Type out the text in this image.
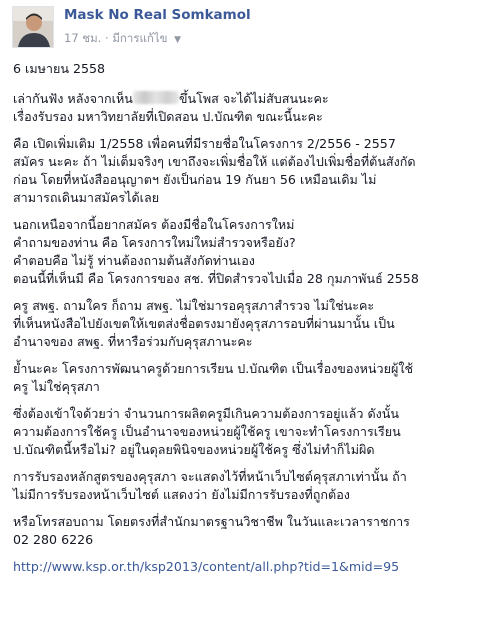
Mask No Real Somkamol
17 ชม. · มีการแก้ไข ▼

6 เมษายน 2558

เล่ากันฟัง หลังจากเห็น	ขึ้นโพส จะได้ไม่สับสนนะคะ
เรื่องรับรอง มหาวิทยาลัยที่เปิดสอน ป.บัณฑิต ขณะนี้นะคะ

คือ เปิดเพิ่มเติม 1/2558 เพื่อคนที่มีรายชื่อในโครงการ 2/2556 - 2557
สมัคร นะคะ ถ้า ไม่เต็มจริงๆ เขาถึงจะเพิ่มชื่อให้ แต่ต้องไปเพิ่มชื่อที่ต้นสังกัด
ก่อน โดยที่หนังสืออนุญาตฯ ยังเป็นก่อน 19 กันยา 56 เหมือนเดิม ไม่
สามารถเดินมาสมัครได้เลย

นอกเหนือจากนี้อยากสมัคร ต้องมีชื่อในโครงการใหม่
คำถามของท่าน คือ โครงการใหม่ใหม่สำรวจหรือยัง?
คำตอบคือ ไม่รู้ ท่านต้องถามต้นสังกัดท่านเอง
ตอนนี้ที่เห็นมี คือ โครงการของ สช. ที่ปิดสำรวจไปเมื่อ 28 กุมภาพันธ์ 2558

ครู สพฐ. ถามใคร ก็ถาม สพฐ. ไม่ใช่มารอคุรุสภาสำรวจ ไม่ใช่นะคะ
ที่เห็นหนังสือไปยังเขตให้เขตส่งชื่อตรงมายังคุรุสภารอบที่ผ่านมานั้น เป็น
อำนาจของ สพฐ. ที่หารือร่วมกับคุรุสภานะคะ

ย้ำนะคะ โครงการพัฒนาครูด้วยการเรียน ป.บัณฑิต เป็นเรื่องของหน่วยผู้ใช้
ครู ไม่ใช่คุรุสภา

ซึ่งต้องเข้าใจด้วยว่า จำนวนการผลิตครูมีเกินความต้องการอยู่แล้ว ดังนั้น
ความต้องการใช้ครู เป็นอำนาจของหน่วยผู้ใช้ครู เขาจะทำโครงการเรียน
ป.บัณฑิตนี้หรือไม่? อยู่ในดุลยพินิจของหน่วยผู้ใช้ครู ซึ่งไม่ทำก็ไม่ผิด

การรับรองหลักสูตรของคุรุสภา จะแสดงไว้ที่หน้าเว็บไซต์คุรุสภาเท่านั้น ถ้า
ไม่มีการรับรองหน้าเว็บไซต์ แสดงว่า ยังไม่มีการรับรองที่ถูกต้อง

หรือโทรสอบถาม โดยตรงที่สำนักมาตรฐานวิชาชีพ ในวันและเวลาราชการ
02 280 6226

http://www.ksp.or.th/ksp2013/content/all.php?tid=1&mid=95
